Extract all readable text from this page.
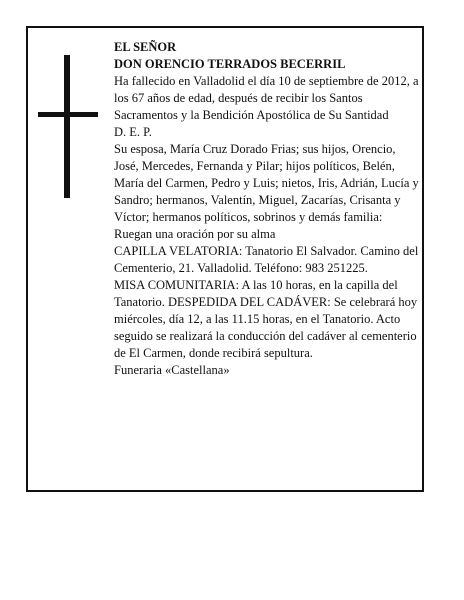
EL SEÑOR

DON ORENCIO TERRADOS BECERRIL

Ha fallecido en Valladolid el día 10 de septiembre de 2012, a los 67 años de edad, después de recibir los Santos Sacramentos y la Bendición Apostólica de Su Santidad

D. E. P.

Su esposa, María Cruz Dorado Frias; sus hijos, Orencio, José, Mercedes, Fernanda y Pilar; hijos políticos, Belén, María del Carmen, Pedro y Luis; nietos, Iris, Adrián, Lucía y Sandro; hermanos, Valentín, Miguel, Zacarías, Crisanta y Víctor; hermanos políticos, sobrinos y demás familia:

Ruegan una oración por su alma

CAPILLA VELATORIA: Tanatorio El Salvador. Camino del Cementerio, 21. Valladolid. Teléfono: 983 251225.

MISA COMUNITARIA: A las 10 horas, en la capilla del Tanatorio. DESPEDIDA DEL CADÁVER: Se celebrará hoy miércoles, día 12, a las 11.15 horas, en el Tanatorio. Acto seguido se realizará la conducción del cadáver al cementerio de El Carmen, donde recibirá sepultura.

Funeraria «Castellana»
